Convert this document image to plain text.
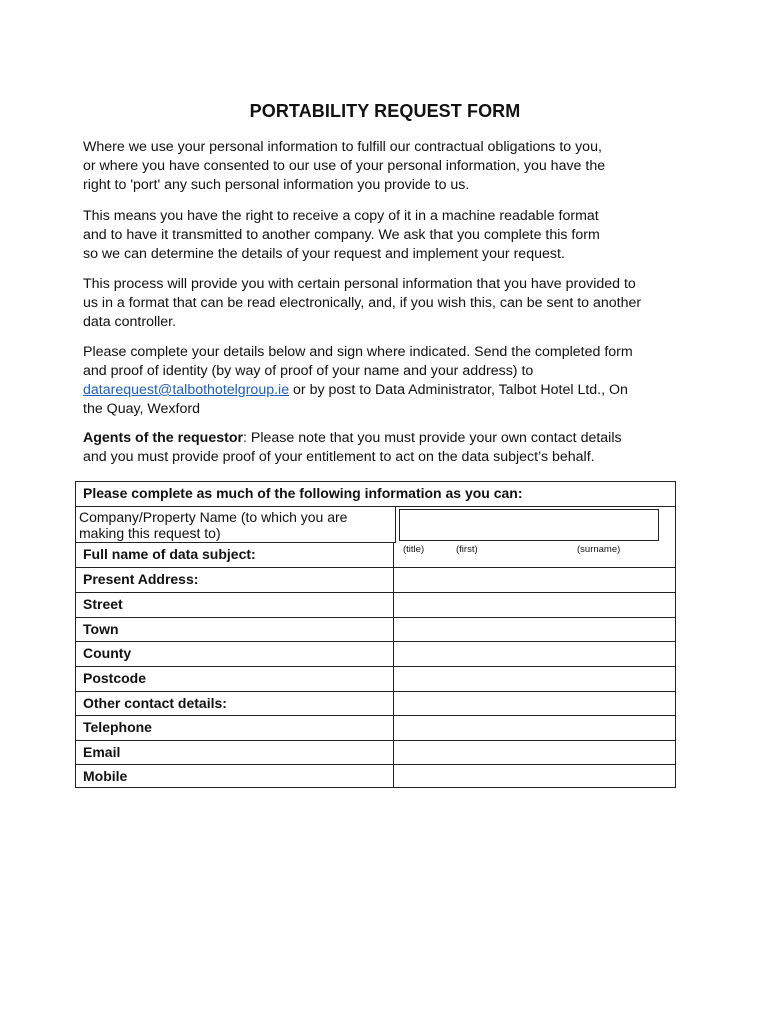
PORTABILITY REQUEST FORM

Where we use your personal information to fulfill our contractual obligations to you,
or where you have consented to our use of your personal information, you have the
right to 'port' any such personal information you provide to us.

This means you have the right to receive a copy of it in a machine readable format
and to have it transmitted to another company. We ask that you complete this form
so we can determine the details of your request and implement your request.

This process will provide you with certain personal information that you have provided to
us in a format that can be read electronically, and, if you wish this, can be sent to another
data controller.

Please complete your details below and sign where indicated. Send the completed form
and proof of identity (by way of proof of your name and your address) to
datarequest@talbothotelgroup.ie or by post to Data Administrator, Talbot Hotel Ltd., On
the Quay, Wexford

Agents of the requestor: Please note that you must provide your own contact details
and you must provide proof of your entitlement to act on the data subject’s behalf.

Please complete as much of the following information as you can:
Company/Property Name (to which you are making this request to)
Full name of data subject:	(title)	(first)	(surname)
Present Address:
Street
Town
County
Postcode
Other contact details:
Telephone
Email
Mobile
